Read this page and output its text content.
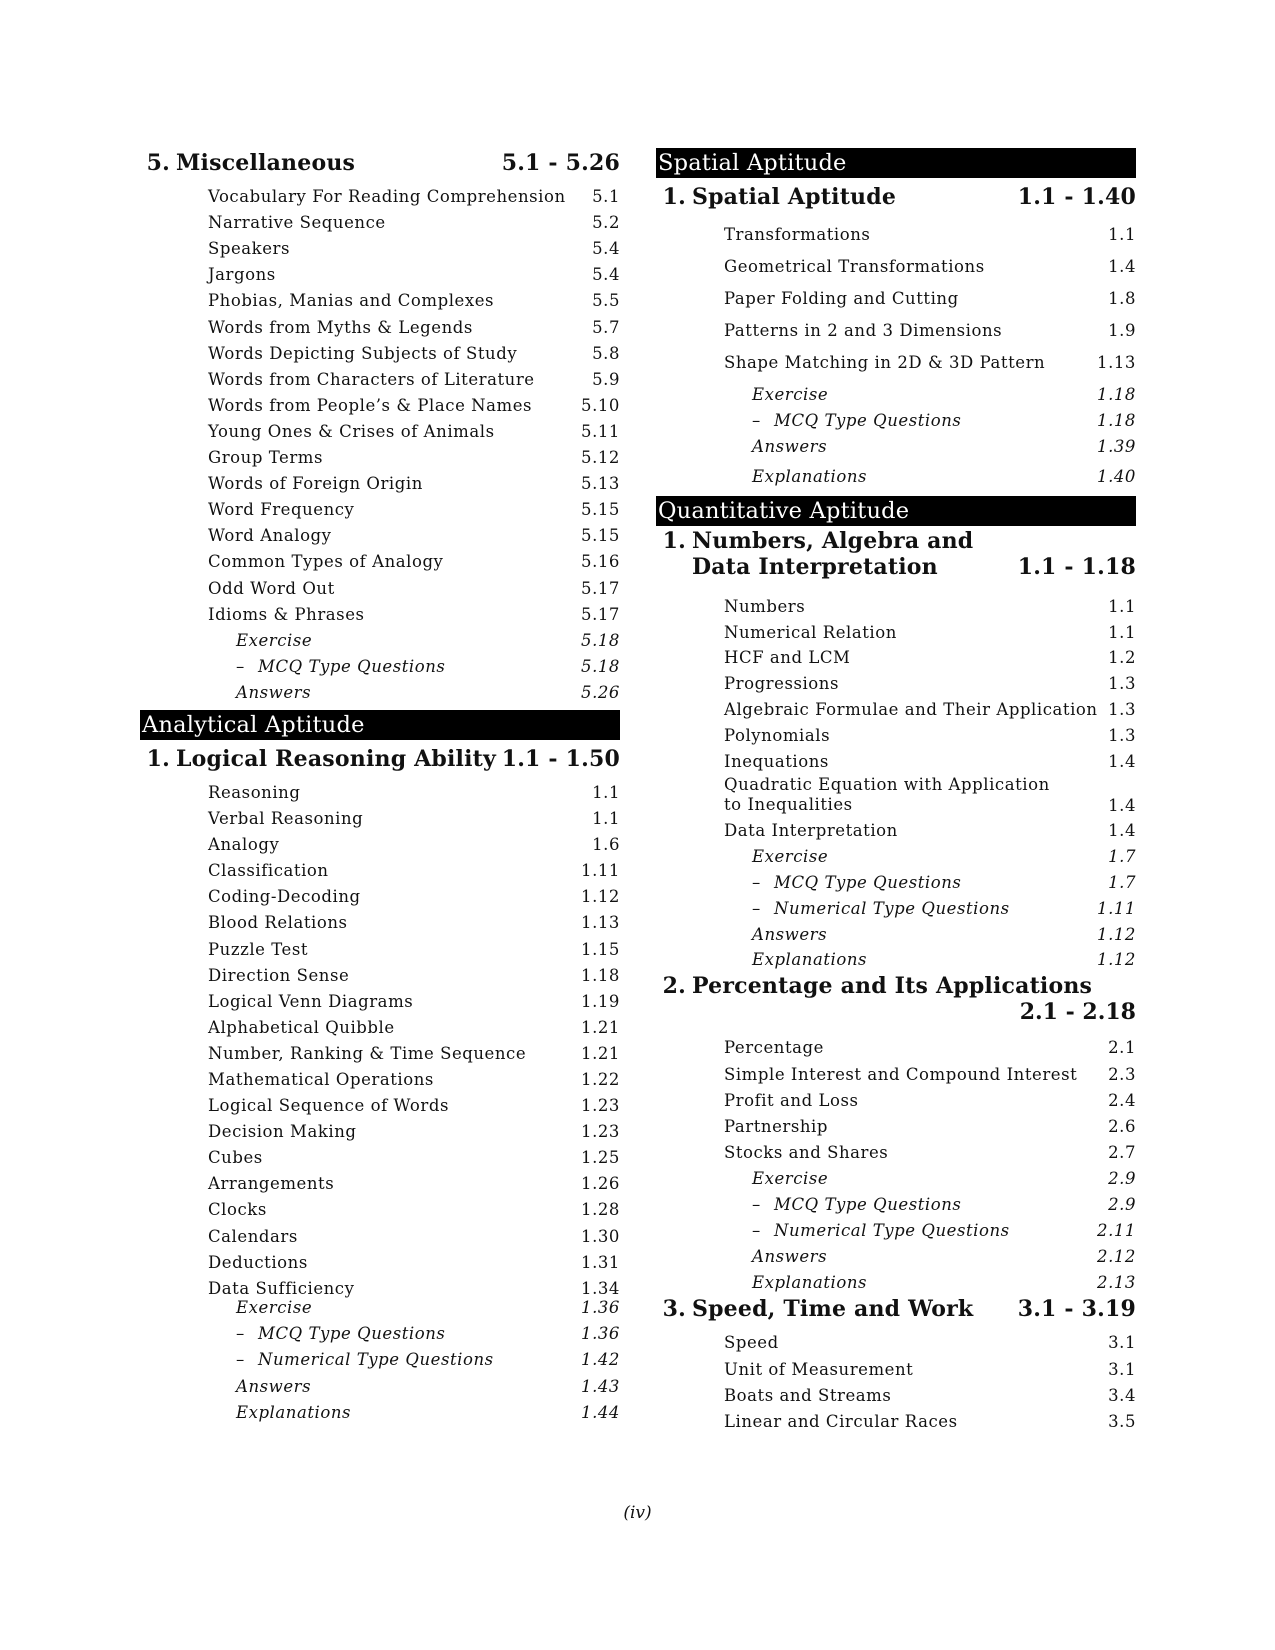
5. Miscellaneous	5.1 - 5.26
Vocabulary For Reading Comprehension	5.1
Narrative Sequence	5.2
Speakers	5.4
Jargons	5.4
Phobias, Manias and Complexes	5.5
Words from Myths & Legends	5.7
Words Depicting Subjects of Study	5.8
Words from Characters of Literature	5.9
Words from People’s & Place Names	5.10
Young Ones & Crises of Animals	5.11
Group Terms	5.12
Words of Foreign Origin	5.13
Word Frequency	5.15
Word Analogy	5.15
Common Types of Analogy	5.16
Odd Word Out	5.17
Idioms & Phrases	5.17
Exercise	5.18
– MCQ Type Questions	5.18
Answers	5.26
Analytical Aptitude
1. Logical Reasoning Ability 1.1 - 1.50
Reasoning	1.1
Verbal Reasoning	1.1
Analogy	1.6
Classification	1.11
Coding-Decoding	1.12
Blood Relations	1.13
Puzzle Test	1.15
Direction Sense	1.18
Logical Venn Diagrams	1.19
Alphabetical Quibble	1.21
Number, Ranking & Time Sequence	1.21
Mathematical Operations	1.22
Logical Sequence of Words	1.23
Decision Making	1.23
Cubes	1.25
Arrangements	1.26
Clocks	1.28
Calendars	1.30
Deductions	1.31
Data Sufficiency	1.34
Exercise	1.36
– MCQ Type Questions	1.36
– Numerical Type Questions	1.42
Answers	1.43
Explanations	1.44
Spatial Aptitude
1. Spatial Aptitude	1.1 - 1.40
Transformations	1.1
Geometrical Transformations	1.4
Paper Folding and Cutting	1.8
Patterns in 2 and 3 Dimensions	1.9
Shape Matching in 2D & 3D Pattern	1.13
Exercise	1.18
– MCQ Type Questions	1.18
Answers	1.39
Explanations	1.40
Quantitative Aptitude
1. Numbers, Algebra and
Data Interpretation	1.1 - 1.18
Numbers	1.1
Numerical Relation	1.1
HCF and LCM	1.2
Progressions	1.3
Algebraic Formulae and Their Application 1.3
Polynomials	1.3
Inequations	1.4
Quadratic Equation with Application to Inequalities	1.4
Data Interpretation	1.4
Exercise	1.7
– MCQ Type Questions	1.7
– Numerical Type Questions	1.11
Answers	1.12
Explanations	1.12
2. Percentage and Its Applications
2.1 - 2.18
Percentage	2.1
Simple Interest and Compound Interest	2.3
Profit and Loss	2.4
Partnership	2.6
Stocks and Shares	2.7
Exercise	2.9
– MCQ Type Questions	2.9
– Numerical Type Questions	2.11
Answers	2.12
Explanations	2.13
3. Speed, Time and Work	3.1 - 3.19
Speed	3.1
Unit of Measurement	3.1
Boats and Streams	3.4
Linear and Circular Races	3.5
(iv)
